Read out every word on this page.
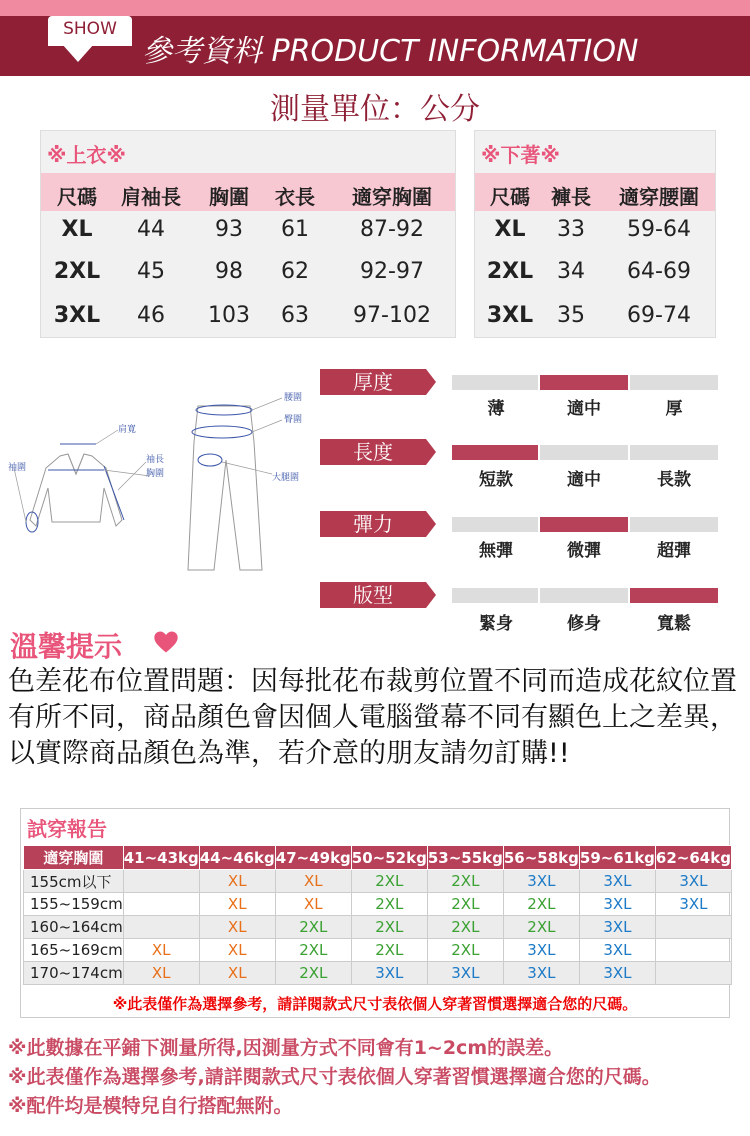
SHOW
參考資料 PRODUCT INFORMATION
測量單位：公分
※上衣※
尺碼	肩袖長	胸圍	衣長	適穿胸圍
XL	44	93	61	87-92
2XL	45	98	62	92-97
3XL	46	103	63	97-102
※下著※
尺碼	褲長	適穿腰圍
XL	33	59-64
2XL	34	64-69
3XL	35	69-74
腰圍
臀圍
大腿圍
肩寬
袖長
胸圍
袖圍
厚度
薄	適中	厚
長度
短款	適中	長款
彈力
無彈	微彈	超彈
版型
緊身	修身	寬鬆
溫馨提示
色差花布位置問題：因每批花布裁剪位置不同而造成花紋位置有所不同，商品顏色會因個人電腦螢幕不同有顯色上之差異，以實際商品顏色為準，若介意的朋友請勿訂購!!
試穿報告
適穿胸圍	41~43kg	44~46kg	47~49kg	50~52kg	53~55kg	56~58kg	59~61kg	62~64kg
155cm以下		XL	XL	2XL	2XL	3XL	3XL	3XL
155~159cm		XL	XL	2XL	2XL	2XL	3XL	3XL
160~164cm		XL	2XL	2XL	2XL	2XL	3XL	
165~169cm	XL	XL	2XL	2XL	2XL	3XL	3XL	
170~174cm	XL	XL	2XL	3XL	3XL	3XL	3XL	
※此表僅作為選擇參考，請詳閱款式尺寸表依個人穿著習慣選擇適合您的尺碼。
※此數據在平鋪下測量所得,因測量方式不同會有1~2cm的誤差。
※此表僅作為選擇參考,請詳閱款式尺寸表依個人穿著習慣選擇適合您的尺碼。
※配件均是模特兒自行搭配無附。
